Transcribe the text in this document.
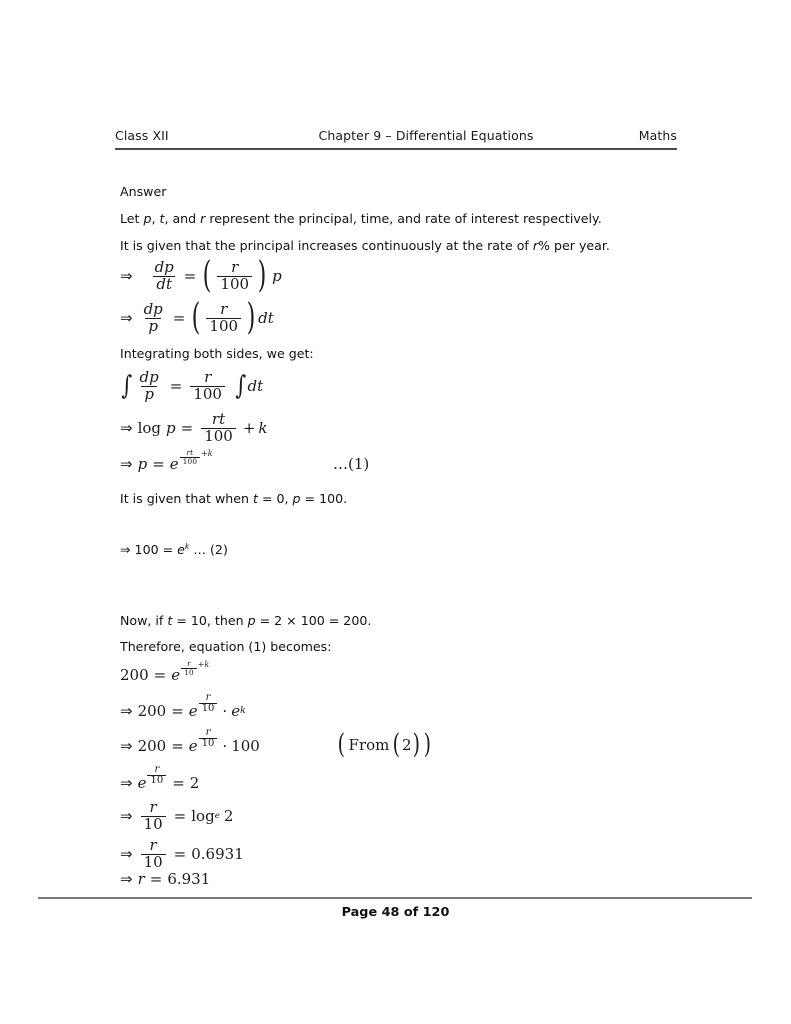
Class XII	Chapter 9 – Differential Equations	Maths
Answer
Let p, t, and r represent the principal, time, and rate of interest respectively.
It is given that the principal increases continuously at the rate of r% per year.
⇒ $\frac{dp}{dt}$ = ( $\frac{r}{100}$ ) p
⇒ $\frac{dp}{p}$ = ( $\frac{r}{100}$ ) dt
Integrating both sides, we get:
∫ $\frac{dp}{p} = \frac{r}{100}$ ∫ dt
⇒ $\log p = \frac{rt}{100} + k$
⇒ p = e $\frac{rt}{100} +k$
…(1)
It is given that when t = 0, p = 100.
⇒ $100 = e^k$ … (2)
Now, if t = 10, then p = 2 × 100 = 200.
Therefore, equation (1) becomes:
200 = e $\frac{r}{10} +k$
⇒ 200 = e $\frac{r}{10} \cdot e$ k
⇒ 200 = e $\frac{r}{10} \cdot 100$	( From ( 2 ) )
⇒ e $\frac{r}{10} = 2$
⇒ $\frac{r}{10} = \log e$ 2
⇒ $\frac{r}{10} = 0.6931$
⇒ r = 6.931
Page 48 of 120
